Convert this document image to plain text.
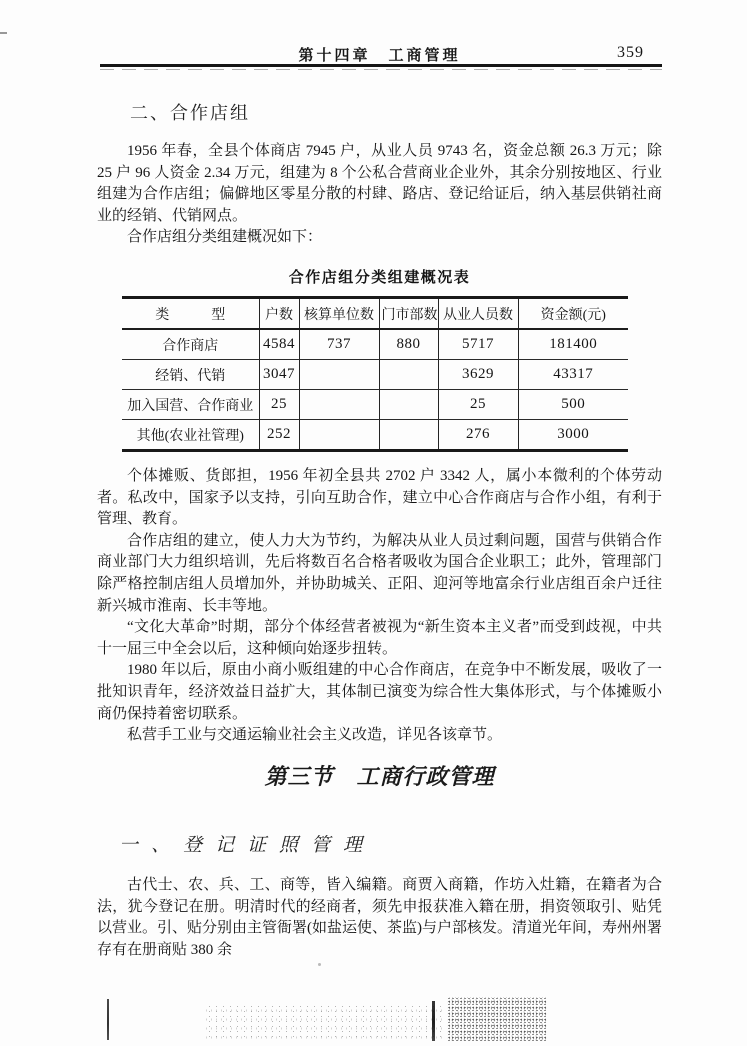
第十四章　工商管理	359
二、合作店组

1956 年春，全县个体商店 7945 户，从业人员 9743 名，资金总额 26.3 万元；除 25 户 96 人资金 2.34 万元，组建为 8 个公私合营商业企业外，其余分别按地区、行业组建为合作店组；偏僻地区零星分散的村肆、路店、登记给证后，纳入基层供销社商业的经销、代销网点。

合作店组分类组建概况如下：

合作店组分类组建概况表
类　　　型	户数	核算单位数	门市部数	从业人员数	资金额(元)
合作商店	4584	737	880	5717	181400
经销、代销	3047			3629	43317
加入国营、合作商业	25			25	500
其他(农业社管理)	252			276	3000

个体摊贩、货郎担，1956 年初全县共 2702 户 3342 人，属小本微利的个体劳动者。私改中，国家予以支持，引向互助合作，建立中心合作商店与合作小组，有利于管理、教育。

合作店组的建立，使人力大为节约，为解决从业人员过剩问题，国营与供销合作商业部门大力组织培训，先后将数百名合格者吸收为国合企业职工；此外，管理部门除严格控制店组人员增加外，并协助城关、正阳、迎河等地富余行业店组百余户迁往新兴城市淮南、长丰等地。

“文化大革命”时期，部分个体经营者被视为“新生资本主义者”而受到歧视，中共十一屈三中全会以后，这种倾向始逐步扭转。

1980 年以后，原由小商小贩组建的中心合作商店，在竞争中不断发展，吸收了一批知识青年，经济效益日益扩大，其体制已演变为综合性大集体形式，与个体摊贩小商仍保持着密切联系。

私营手工业与交通运输业社会主义改造，详见各该章节。

第三节　工商行政管理
一、登记证照管理

古代士、农、兵、工、商等，皆入编籍。商贾入商籍，作坊入灶籍，在籍者为合法，犹今登记在册。明清时代的经商者，须先申报获准入籍在册，捐资领取引、贴凭以营业。引、贴分别由主管衙署(如盐运使、茶监)与户部核发。清道光年间，寿州州署存有在册商贴 380 余
